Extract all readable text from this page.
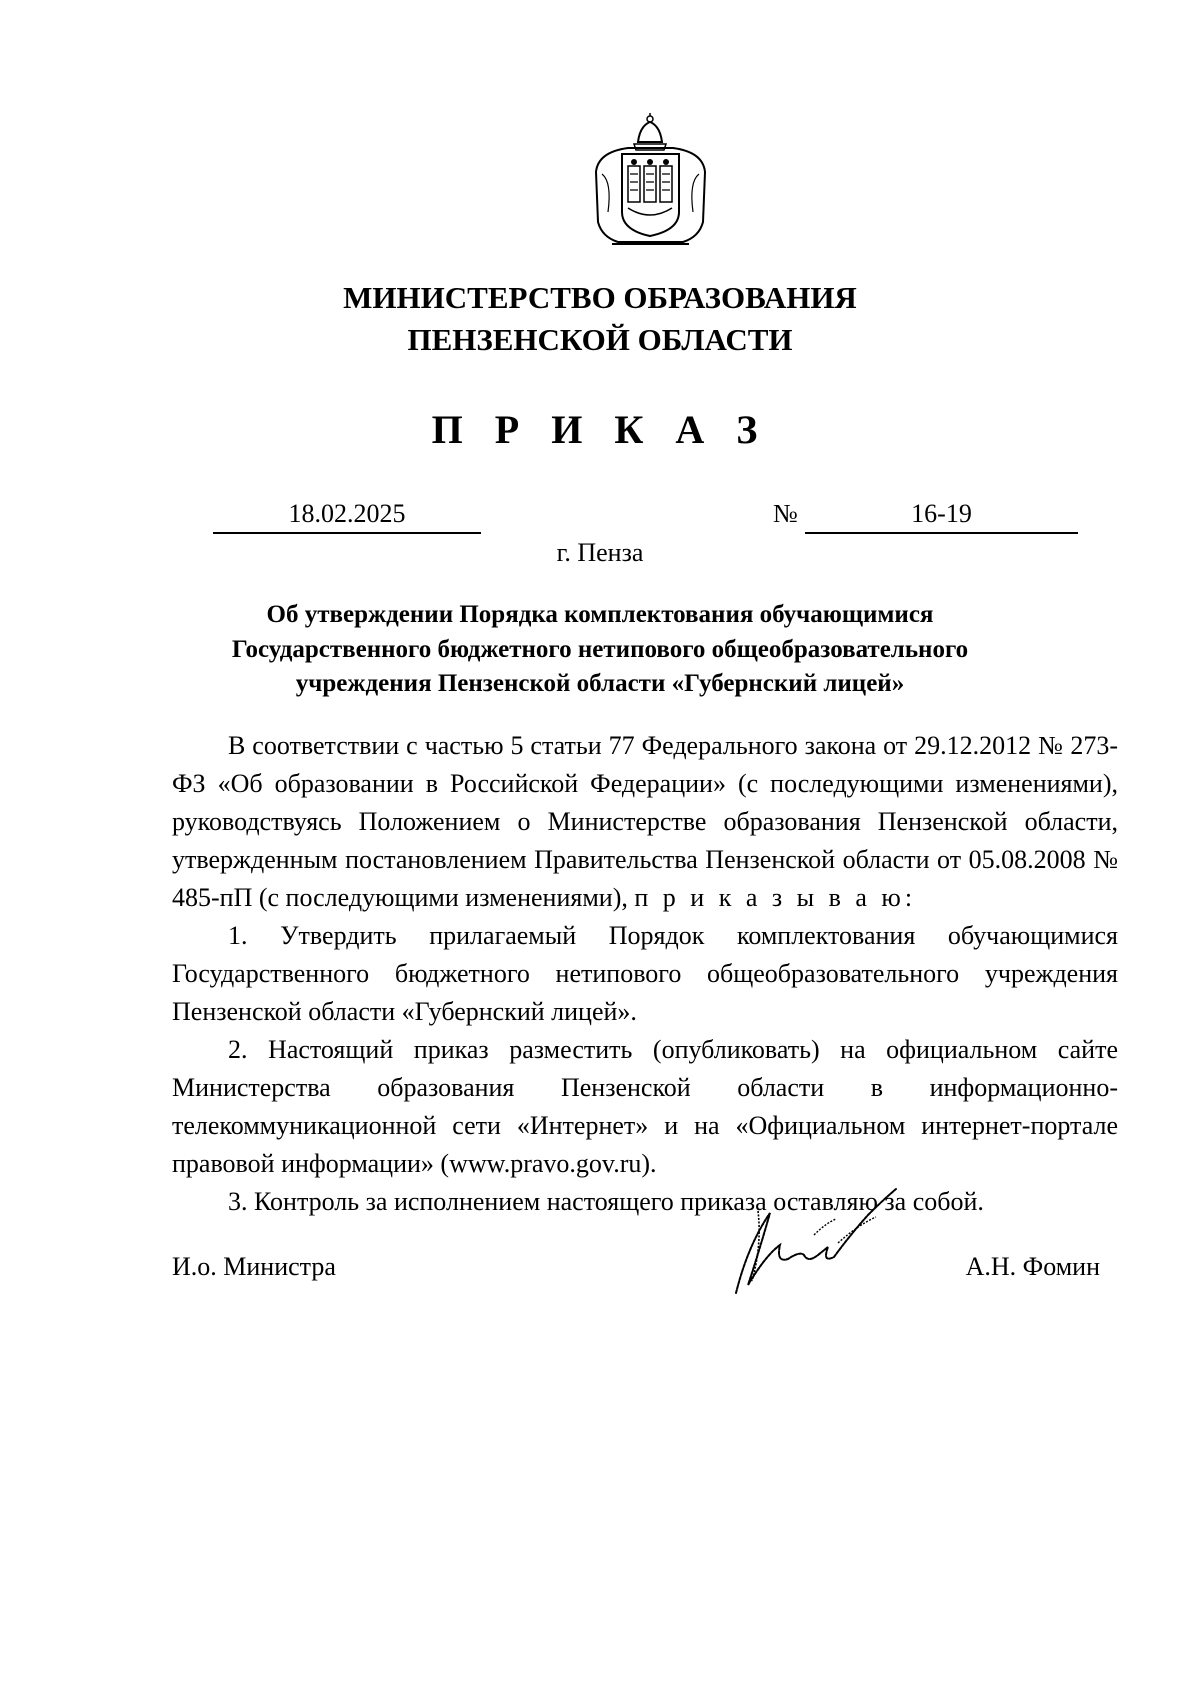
МИНИСТЕРСТВО ОБРАЗОВАНИЯ
ПЕНЗЕНСКОЙ ОБЛАСТИ
П Р И К А З
18.02.2025	№	16-19
г. Пенза
Об утверждении Порядка комплектования обучающимися
Государственного бюджетного нетипового общеобразовательного
учреждения Пензенской области «Губернский лицей»

В соответствии с частью 5 статьи 77 Федерального закона от 29.12.2012 № 273-ФЗ «Об образовании в Российской Федерации» (с последующими изменениями), руководствуясь Положением о Министерстве образования Пензенской области, утвержденным постановлением Правительства Пензенской области от 05.08.2008 № 485-пП (с последующими изменениями), п р и к а з ы в а ю:

1. Утвердить прилагаемый Порядок комплектования обучающимися Государственного бюджетного нетипового общеобразовательного учреждения Пензенской области «Губернский лицей».

2. Настоящий приказ разместить (опубликовать) на официальном сайте Министерства образования Пензенской области в информационно-телекоммуникационной сети «Интернет» и на «Официальном интернет-портале правовой информации» (www.pravo.gov.ru).

3. Контроль за исполнением настоящего приказа оставляю за собой.

И.о. Министра	А.Н. Фомин
